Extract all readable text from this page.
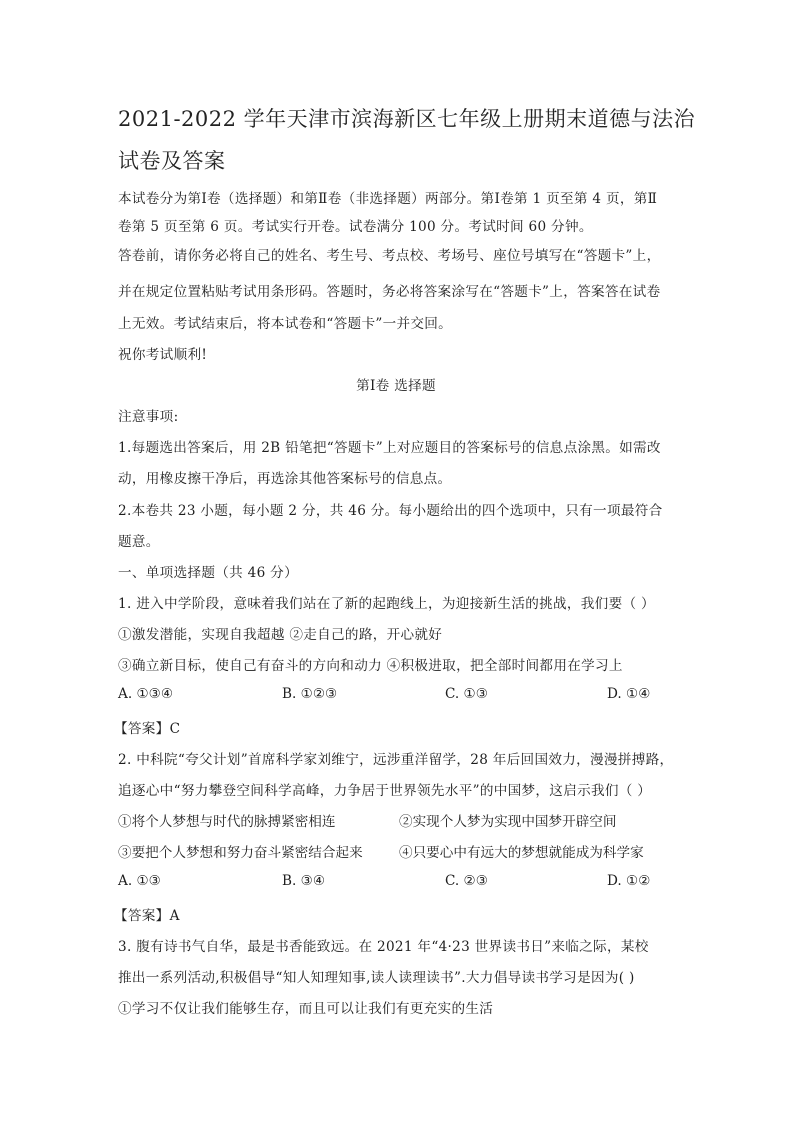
2021-2022 学年天津市滨海新区七年级上册期末道德与法治
试卷及答案
本试卷分为第Ⅰ卷（选择题）和第Ⅱ卷（非选择题）两部分。第Ⅰ卷第 1 页至第 4 页，第Ⅱ
卷第 5 页至第 6 页。考试实行开卷。试卷满分 100 分。考试时间 60 分钟。
答卷前，请你务必将自己的姓名、考生号、考点校、考场号、座位号填写在“答题卡”上，
并在规定位置粘贴考试用条形码。答题时，务必将答案涂写在“答题卡”上，答案答在试卷
上无效。考试结束后，将本试卷和“答题卡”一并交回。
祝你考试顺利!
第Ⅰ卷 选择题
注意事项:
1.每题选出答案后，用 2B 铅笔把“答题卡”上对应题目的答案标号的信息点涂黑。如需改
动，用橡皮擦干净后，再选涂其他答案标号的信息点。
2.本卷共 23 小题，每小题 2 分，共 46 分。每小题给出的四个选项中，只有一项最符合
题意。
一、单项选择题（共 46 分）
1. 进入中学阶段，意味着我们站在了新的起跑线上，为迎接新生活的挑战，我们要（ ）
①激发潜能，实现自我超越 ②走自己的路，开心就好
③确立新目标，使自己有奋斗的方向和动力 ④积极进取，把全部时间都用在学习上
A. ①③④	B. ①②③	C. ①③	D. ①④
【答案】C
2. 中科院“夸父计划”首席科学家刘维宁，远涉重洋留学，28 年后回国效力，漫漫拼搏路，
追逐心中“努力攀登空间科学高峰，力争居于世界领先水平”的中国梦，这启示我们（ ）
①将个人梦想与时代的脉搏紧密相连	②实现个人梦为实现中国梦开辟空间
③要把个人梦想和努力奋斗紧密结合起来	④只要心中有远大的梦想就能成为科学家
A. ①③	B. ③④	C. ②③	D. ①②
【答案】A
3. 腹有诗书气自华，最是书香能致远。在 2021 年“4·23 世界读书日”来临之际，某校
推出一系列活动,积极倡导“知人知理知事,读人读理读书”.大力倡导读书学习是因为( )
①学习不仅让我们能够生存，而且可以让我们有更充实的生活
